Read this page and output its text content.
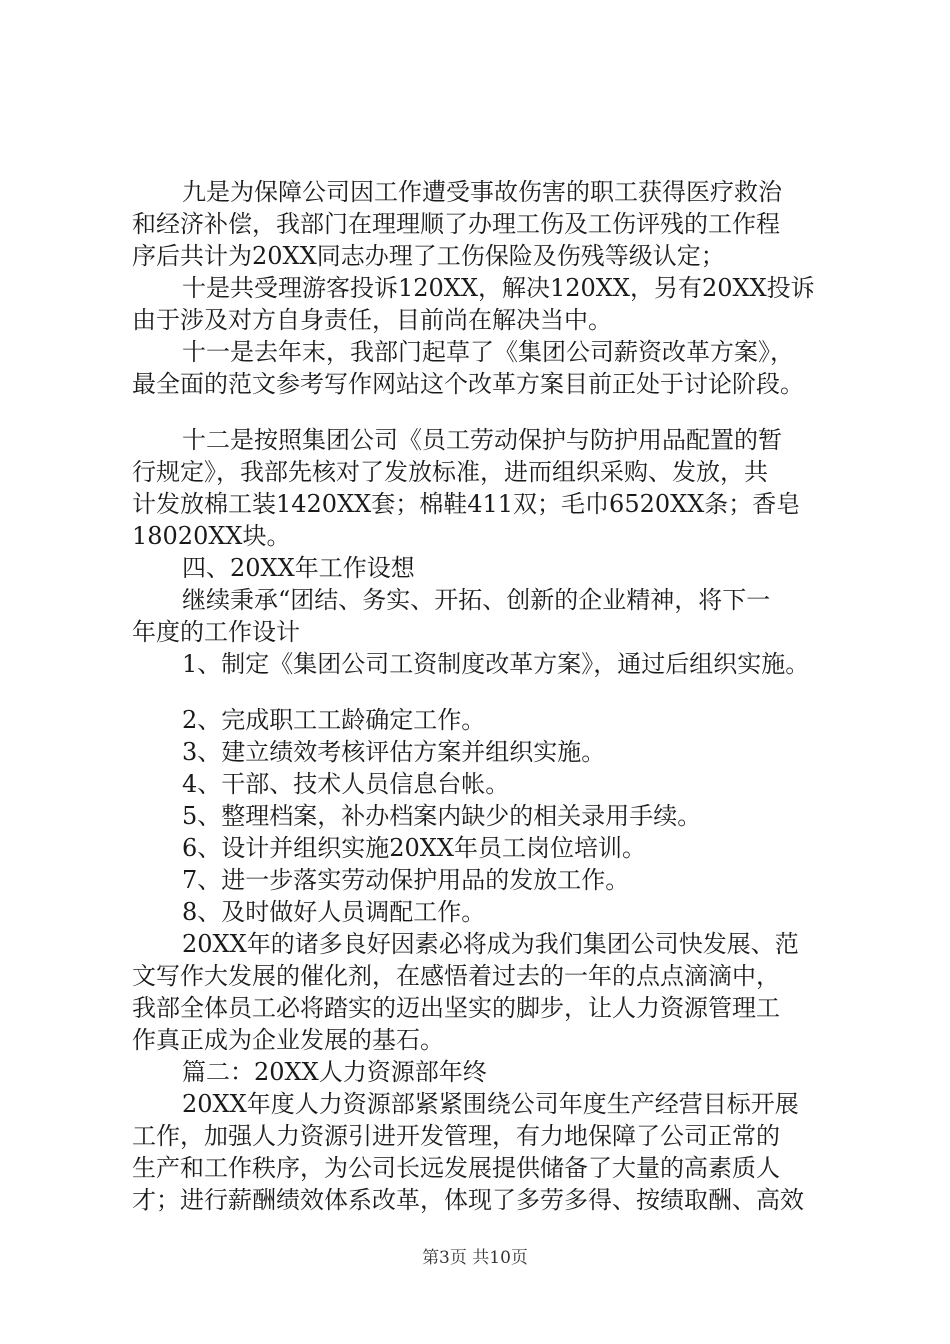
九是为保障公司因工作遭受事故伤害的职工获得医疗救治
和经济补偿，我部门在理理顺了办理工伤及工伤评残的工作程
序后共计为20XX同志办理了工伤保险及伤残等级认定；
十是共受理游客投诉120XX，解决120XX，另有20XX投诉
由于涉及对方自身责任，目前尚在解决当中。
十一是去年末，我部门起草了《集团公司薪资改革方案》，
最全面的范文参考写作网站这个改革方案目前正处于讨论阶段。
十二是按照集团公司《员工劳动保护与防护用品配置的暂
行规定》，我部先核对了发放标准，进而组织采购、发放，共
计发放棉工装1420XX套；棉鞋411双；毛巾6520XX条；香皂
18020XX块。
四、20XX年工作设想
继续秉承“团结、务实、开拓、创新的企业精神，将下一
年度的工作设计
1、制定《集团公司工资制度改革方案》，通过后组织实施。
2、完成职工工龄确定工作。
3、建立绩效考核评估方案并组织实施。
4、干部、技术人员信息台帐。
5、整理档案，补办档案内缺少的相关录用手续。
6、设计并组织实施20XX年员工岗位培训。
7、进一步落实劳动保护用品的发放工作。
8、及时做好人员调配工作。
20XX年的诸多良好因素必将成为我们集团公司快发展、范
文写作大发展的催化剂，在感悟着过去的一年的点点滴滴中，
我部全体员工必将踏实的迈出坚实的脚步，让人力资源管理工
作真正成为企业发展的基石。
篇二：20XX人力资源部年终
20XX年度人力资源部紧紧围绕公司年度生产经营目标开展
工作，加强人力资源引进开发管理，有力地保障了公司正常的
生产和工作秩序，为公司长远发展提供储备了大量的高素质人
才；进行薪酬绩效体系改革，体现了多劳多得、按绩取酬、高效
第3页 共10页
